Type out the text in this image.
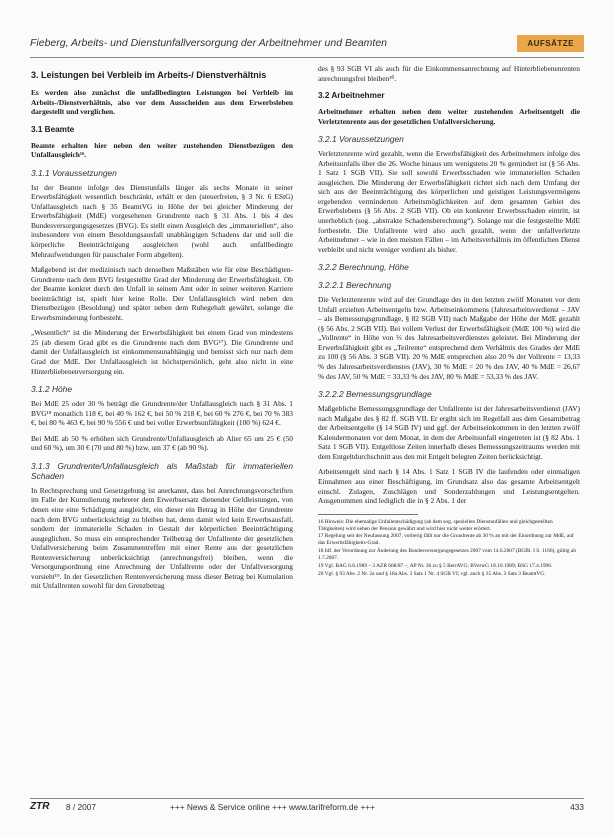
Fieberg, Arbeits- und Dienstunfallversorgung der Arbeitnehmer und Beamten	AUFSÄTZE
3. Leistungen bei Verbleib im Arbeits-/ Dienstverhältnis

Es werden also zunächst die unfallbedingten Leistungen bei Verbleib im Arbeits-/Dienstverhältnis, also vor dem Ausscheiden aus dem Erwerbsleben dargestellt und verglichen.

3.1 Beamte

Beamte erhalten hier neben den weiter zustehenden Dienstbezügen den Unfallausgleich¹⁶.

3.1.1 Voraussetzungen

Ist der Beamte infolge des Dienstunfalls länger als sechs Monate in seiner Erwerbsfähigkeit wesentlich beschränkt, erhält er den (steuerfreien, § 3 Nr. 6 EStG) Unfallausgleich nach § 35 BeamtVG in Höhe der bei gleicher Minderung der Erwerbsfähigkeit (MdE) vorgesehenen Grundrente nach § 31 Abs. 1 bis 4 des Bundesversorgungsgesetzes (BVG). Es stellt einen Ausgleich des „immateriellen“, also insbesondere von einem Besoldungsausfall unabhängigen Schadens dar und soll die körperliche Beeinträchtigung ausgleichen (wohl auch unfallbedingte Mehraufwendungen für pauschaler Form abgelten).

Maßgebend ist der medizinisch nach denselben Maßstäben wie für eine Beschädigten-Grundrente nach dem BVG festgestellte Grad der Minderung der Erwerbsfähigkeit. Ob der Beamte konkret durch den Unfall in seinem Amt oder in seiner weiteren Karriere beeinträchtigt ist, spielt hier keine Rolle. Der Unfallausgleich wird neben den Dienstbezügen (Besoldung) und später neben dem Ruhegehalt gewährt, solange die Erwerbsminderung fortbesteht.

„Wesentlich“ ist die Minderung der Erwerbsfähigkeit bei einem Grad von mindestens 25 (ab diesem Grad gibt es die Grundrente nach dem BVG¹⁷). Die Grundrente und damit der Unfallausgleich ist einkommensunabhängig und bemisst sich nur nach dem Grad der MdE. Der Unfallausgleich ist höchstpersönlich, geht also nicht in eine Hinterbliebenenversorgung ein.

3.1.2 Höhe

Bei MdE 25 oder 30 % beträgt die Grundrente/der Unfallausgleich nach § 31 Abs. 1 BVG¹⁸ monatlich 118 €, bei 40 % 162 €, bei 50 % 218 €, bei 60 % 276 €, bei 70 % 383 €, bei 80 % 463 €, bei 90 % 556 € und bei voller Erwerbsunfähigkeit (100 %) 624 €.

Bei MdE ab 50 % erhöhen sich Grundrente/Unfallausgleich ab Alter 65 um 25 € (50 und 60 %), um 30 € (70 und 80 %) bzw. um 37 € (ab 90 %).

3.1.3 Grundrente/Unfallausgleich als Maßstab für immateriellen Schaden

In Rechtsprechung und Gesetzgebung ist anerkannt, dass bei Anrechnungsvorschriften im Falle der Kumulierung mehrerer dem Erwerbsersatz dienender Geldleistungen, von denen eine eine Schädigung ausgleicht, ein dieser ein Betrag in Höhe der Grundrente nach dem BVG unberücksichtigt zu bleiben hat, denn damit wird kein Erwerbsausfall, sondern der immaterielle Schaden in Gestalt der körperlichen Beeinträchtigung ausgeglichen. So muss ein entsprechender Teilbetrag der Unfallrente der gesetzlichen Unfallversicherung beim Zusammentreffen mit einer Rente aus der gesetzlichen Rentenversicherung unberücksichtigt (anrechnungsfrei) bleiben, wenn die Versorgungsordnung eine Anrechnung der Unfallrente oder der Unfallversorgung vorsieht¹⁹. In der Gesetzlichen Rentenversicherung muss dieser Betrag bei Kumulation mit Unfallrenten sowohl für den Grenzbetrag

des § 93 SGB VI als auch für die Einkommensanrechnung auf Hinterbliebenenrenten anrechnungsfrei bleiben²⁰.

3.2 Arbeitnehmer

Arbeitnehmer erhalten neben dem weiter zustehenden Arbeitsentgelt die Verletztenrente aus der gesetzlichen Unfallversicherung.

3.2.1 Voraussetzungen

Verletztenrente wird gezahlt, wenn die Erwerbsfähigkeit des Arbeitnehmers infolge des Arbeitsunfalls über die 26. Woche hinaus um wenigstens 20 % gemindert ist (§ 56 Abs. 1 Satz 1 SGB VII). Sie soll sowohl Erwerbsschaden wie immateriellen Schaden ausgleichen. Die Minderung der Erwerbsfähigkeit richtet sich nach dem Umfang der sich aus der Beeinträchtigung des körperlichen und geistigen Leistungsvermögens ergebenden verminderten Arbeitsmöglichkeiten auf dem gesamten Gebiet des Erwerbslebens (§ 56 Abs. 2 SGB VII). Ob ein konkreter Erwerbsschaden eintritt, ist unerheblich (sog. „abstrakte Schadensberechnung“). Solange nur die festgestellte MdE fortbesteht. Die Unfallrente wird also auch gezahlt, wenn der unfallverletzte Arbeitnehmer – wie in den meisten Fällen – im Arbeitsverhältnis im öffentlichen Dienst verbleibt und nicht weniger verdient als bisher.

3.2.2 Berechnung, Höhe
3.2.2.1 Berechnung

Die Verletztenrente wird auf der Grundlage des in den letzten zwölf Monaten vor dem Unfall erzielten Arbeitsentgelts bzw. Arbeitseinkommens (Jahresarbeitsverdienst – JAV – als Bemessungsgrundlage, § 82 SGB VII) nach Maßgabe der Höhe der MdE gezahlt (§ 56 Abs. 2 SGB VII). Bei vollem Verlust der Erwerbsfähigkeit (MdE 100 %) wird die „Vollrente“ in Höhe von ⅔ des Jahresarbeitsverdienstes geleistet. Bei Minderung der Erwerbsfähigkeit gibt es „Teilrente“ entsprechend dem Verhältnis des Grades der MdE zu 100 (§ 56 Abs. 3 SGB VII). 20 % MdE entsprechen also 20 % der Vollrente = 13,33 % des Jahresarbeitsverdienstes (JAV), 30 % MdE = 20 % des JAV, 40 % MdE = 26,67 % des JAV, 50 % MdE = 33,33 % des JAV, 80 % MdE = 53,33 % des JAV.

3.2.2.2 Bemessungsgrundlage

Maßgebliche Bemessungsgrundlage der Unfallrente ist der Jahresarbeitsverdienst (JAV) nach Maßgabe des § 82 ff. SGB VII. Er ergibt sich im Regelfall aus dem Gesamtbetrag der Arbeitsentgelte (§ 14 SGB IV) und ggf. der Arbeitseinkommen in den letzten zwölf Kalendermonaten vor dem Monat, in dem der Arbeitsunfall eingetreten ist (§ 82 Abs. 1 Satz 1 SGB VII). Entgeltlose Zeiten innerhalb dieses Bemessungszeitraums werden mit dem Entgeltdurchschnitt aus den mit Entgelt belegten Zeiten berücksichtigt.

Arbeitsentgelt sind nach § 14 Abs. 1 Satz 1 SGB IV die laufenden oder einmaligen Einnahmen aus einer Beschäftigung, im Grundsatz also das gesamte Arbeitsentgelt einschl. Zulagen, Zuschlägen und Sonderzahlungen und Leistungsentgelten. Ausgenommen sind lediglich die in § 2 Abs. 1 der

16 Hinweis: Die ehemalige Unfallentschädigung (ab dem sog. speziellen Dienstunfällen und gleichgestellten Tätigkeiten) wird neben der Pension gewährt und wird hier nicht weiter erörtert.

17 Regelung seit der Neufassung 2007, vorherig fällt nur die Grundrente ab 30 % an mit der Einordnung zur MdE, auf das Erwerbsfähigkeits-Grad.

18 Idf. der Verordnung zur Änderung des Bundesversorgungsgesetzes 2007 vom 14.6.2007 (BGBl. I S. 1166), gültig ab 1.7.2007.

19 Vgl. BAG 6.6.1989 – 3 AZR 668/87 –, AP Nr. 36 zu § 5 BetrAVG; BVerwG 18.10.1989; BSG 17.4.1996.

20 Vgl. § 93 Abs. 2 Nr. 2a und § 18a Abs. 3 Satz 1 Nr. 4 SGB VI; vgl. auch § 35 Abs. 3 Satz 3 BeamtVG.

ZTR 8 / 2007	+++ News & Service online +++ www.tarifreform.de +++	433
